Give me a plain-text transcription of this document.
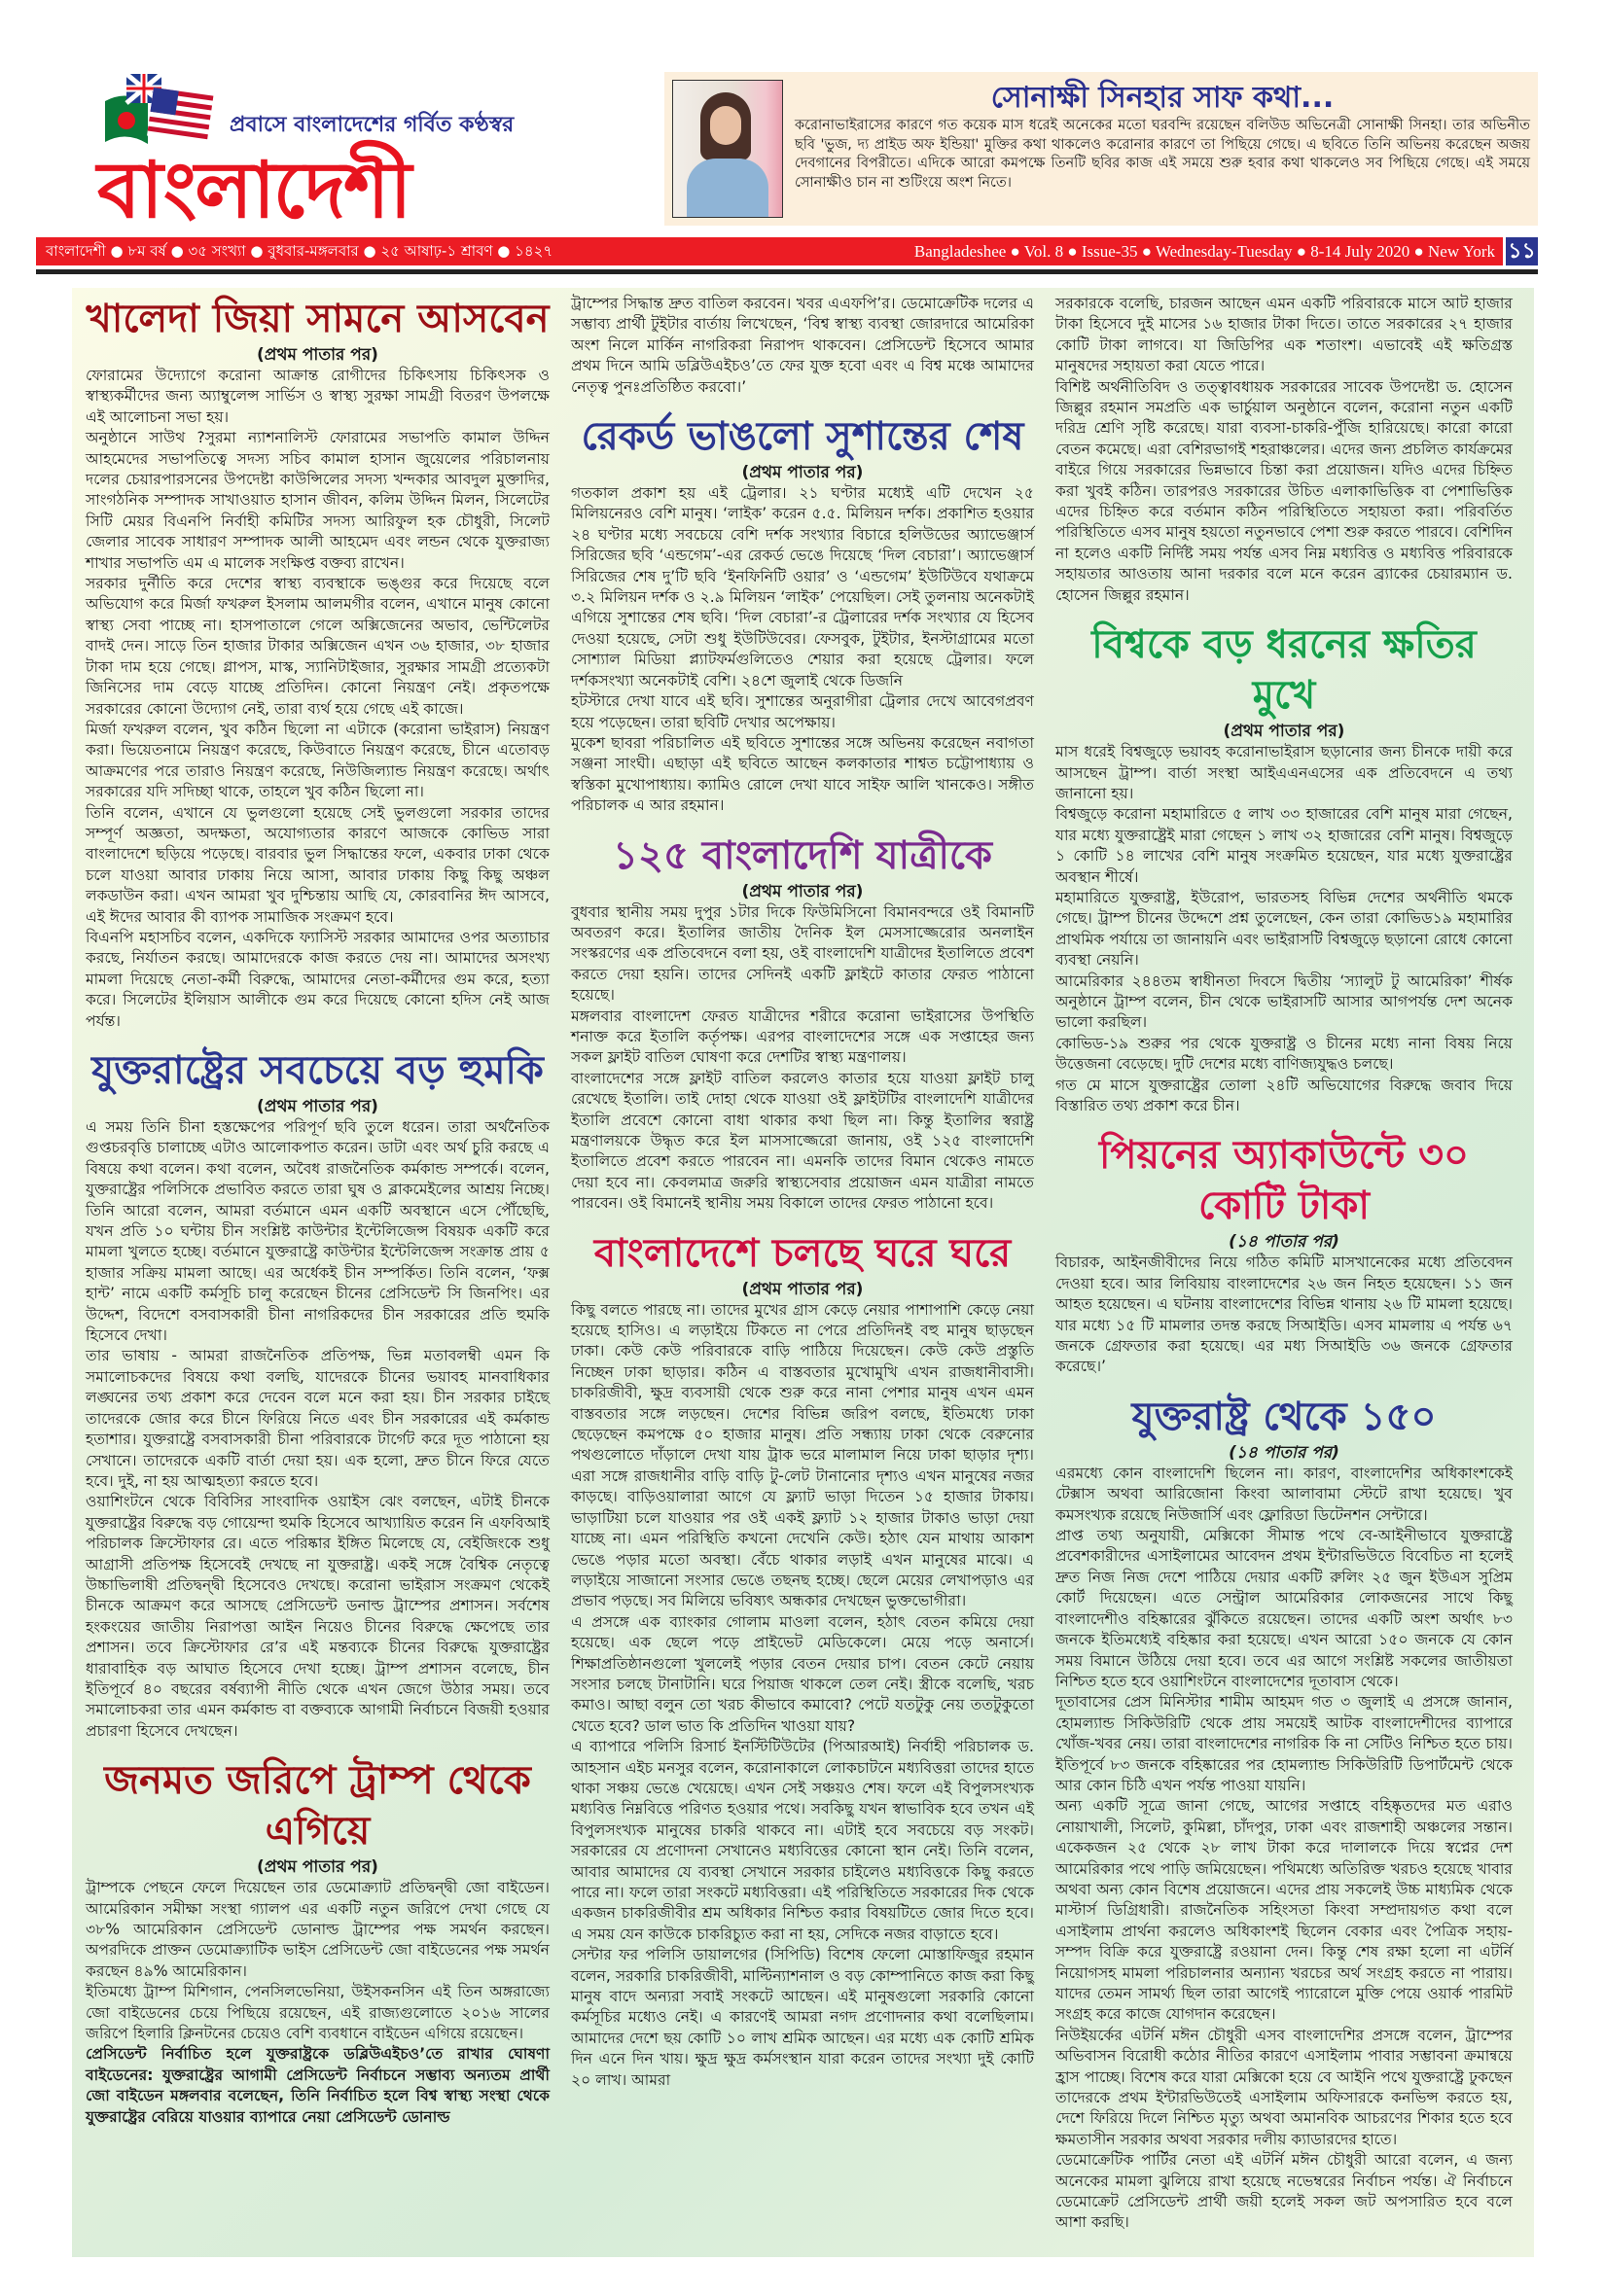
প্রবাসে বাংলাদেশের গর্বিত কণ্ঠস্বর
বাংলাদেশী
সোনাক্ষী সিনহার সাফ কথা...
করোনাভাইরাসের কারণে গত কয়েক মাস ধরেই অনেকের মতো ঘরবন্দি রয়েছেন বলিউড অভিনেত্রী সোনাক্ষী সিনহা। তার অভিনীত ছবি 'ভুজ, দ্য প্রাইড অফ ইন্ডিয়া' মুক্তির কথা থাকলেও করোনার কারণে তা পিছিয়ে গেছে। এ ছবিতে তিনি অভিনয় করেছেন অজয় দেবগানের বিপরীতে। এদিকে আরো কমপক্ষে তিনটি ছবির কাজ এই সময়ে শুরু হবার কথা থাকলেও সব পিছিয়ে গেছে। এই সময়ে সোনাক্ষীও চান না শুটিংয়ে অংশ নিতে।
বাংলাদেশী ● ৮ম বর্ষ ● ৩৫ সংখ্যা ● বুধবার-মঙ্গলবার ● ২৫ আষাঢ়-১ শ্রাবণ ● ১৪২৭	Bangladeshee ● Vol. 8 ● Issue-35 ● Wednesday-Tuesday ● 8-14 July 2020 ● New York ১১
খালেদা জিয়া সামনে আসবেন
(প্রথম পাতার পর)

ফোরামের উদ্যোগে করোনা আক্রান্ত রোগীদের চিকিৎসায় চিকিৎসক ও স্বাস্থ্যকর্মীদের জন্য অ্যাম্বুলেন্স সার্ভিস ও স্বাস্থ্য সুরক্ষা সামগ্রী বিতরণ উপলক্ষে এই আলোচনা সভা হয়।

অনুষ্ঠানে সাউথ ?সুরমা ন্যাশনালিস্ট ফোরামের সভাপতি কামাল উদ্দিন আহমেদের সভাপতিত্বে সদস্য সচিব কামাল হাসান জুয়েলের পরিচালনায় দলের চেয়ারপারসনের উপদেষ্টা কাউন্সিলের সদস্য খন্দকার আবদুল মুক্তাদির, সাংগঠনিক সম্পাদক সাখাওয়াত হাসান জীবন, কলিম উদ্দিন মিলন, সিলেটের সিটি মেয়র বিএনপি নির্বাহী কমিটির সদস্য আরিফুল হক চৌধুরী, সিলেট জেলার সাবেক সাধারণ সম্পাদক আলী আহমেদ এবং লন্ডন থেকে যুক্তরাজ্য শাখার সভাপতি এম এ মালেক সংক্ষিপ্ত বক্তব্য রাখেন।

সরকার দুর্নীতি করে দেশের স্বাস্থ্য ব্যবস্থাকে ভঙ্গুর করে দিয়েছে বলে অভিযোগ করে মির্জা ফখরুল ইসলাম আলমগীর বলেন, এখানে মানুষ কোনো স্বাস্থ্য সেবা পাচ্ছে না। হাসপাতালে গেলে অক্সিজেনের অভাব, ভেন্টিলেটর বাদই দেন। সাড়ে তিন হাজার টাকার অক্সিজেন এখন ৩৬ হাজার, ৩৮ হাজার টাকা দাম হয়ে গেছে। গ্লাপস, মাস্ক, স্যানিটাইজার, সুরক্ষার সামগ্রী প্রত্যেকটা জিনিসের দাম বেড়ে যাচ্ছে প্রতিদিন। কোনো নিয়ন্ত্রণ নেই। প্রকৃতপক্ষে সরকারের কোনো উদ্যোগ নেই, তারা ব্যর্থ হয়ে গেছে এই কাজে।

মির্জা ফখরুল বলেন, খুব কঠিন ছিলো না এটাকে (করোনা ভাইরাস) নিয়ন্ত্রণ করা। ভিয়েতনামে নিয়ন্ত্রণ করেছে, কিউবাতে নিয়ন্ত্রণ করেছে, চীনে এতোবড় আক্রমণের পরে তারাও নিয়ন্ত্রণ করেছে, নিউজিল্যান্ড নিয়ন্ত্রণ করেছে। অর্থাৎ সরকারের যদি সদিচ্ছা থাকে, তাহলে খুব কঠিন ছিলো না।

তিনি বলেন, এখানে যে ভুলগুলো হয়েছে সেই ভুলগুলো সরকার তাদের সম্পূর্ণ অজ্ঞতা, অদক্ষতা, অযোগ্যতার কারণে আজকে কোভিড সারা বাংলাদেশে ছড়িয়ে পড়েছে। বারবার ভুল সিদ্ধান্তের ফলে, একবার ঢাকা থেকে চলে যাওয়া আবার ঢাকায় নিয়ে আসা, আবার ঢাকায় কিছু কিছু অঞ্চল লকডাউন করা। এখন আমরা খুব দুশ্চিন্তায় আছি যে, কোরবানির ঈদ আসবে, এই ঈদের আবার কী ব্যাপক সামাজিক সংক্রমণ হবে।

বিএনপি মহাসচিব বলেন, একদিকে ফ্যাসিস্ট সরকার আমাদের ওপর অত্যাচার করছে, নির্যাতন করছে। আমাদেরকে কাজ করতে দেয় না। আমাদের অসংখ্য মামলা দিয়েছে নেতা-কর্মী বিরুদ্ধে, আমাদের নেতা-কর্মীদের গুম করে, হত্যা করে। সিলেটের ইলিয়াস আলীকে গুম করে দিয়েছে কোনো হদিস নেই আজ পর্যন্ত।

যুক্তরাষ্ট্রের সবচেয়ে বড় হুমকি
(প্রথম পাতার পর)

এ সময় তিনি চীনা হস্তক্ষেপের পরিপূর্ণ ছবি তুলে ধরেন। তারা অর্থনৈতিক গুপ্তচরবৃত্তি চালাচ্ছে এটাও আলোকপাত করেন। ডাটা এবং অর্থ চুরি করছে এ বিষয়ে কথা বলেন। কথা বলেন, অবৈধ রাজনৈতিক কর্মকান্ড সম্পর্কে। বলেন, যুক্তরাষ্ট্রের পলিসিকে প্রভাবিত করতে তারা ঘুষ ও ব্লাকমেইলের আশ্রয় নিচ্ছে। তিনি আরো বলেন, আমরা বর্তমানে এমন একটি অবস্থানে এসে পৌঁছেছি, যখন প্রতি ১০ ঘন্টায় চীন সংশ্লিষ্ট কাউন্টার ইন্টেলিজেন্স বিষয়ক একটি করে মামলা খুলতে হচ্ছে। বর্তমানে যুক্তরাষ্ট্রে কাউন্টার ইন্টেলিজেন্স সংক্রান্ত প্রায় ৫ হাজার সক্রিয় মামলা আছে। এর অর্ধেকই চীন সম্পর্কিত। তিনি বলেন, ‘ফক্স হান্ট’ নামে একটি কর্মসূচি চালু করেছেন চীনের প্রেসিডেন্ট সি জিনপিং। এর উদ্দেশ, বিদেশে বসবাসকারী চীনা নাগরিকদের চীন সরকারের প্রতি হুমকি হিসেবে দেখা।

তার ভাষায় - আমরা রাজনৈতিক প্রতিপক্ষ, ভিন্ন মতাবলম্বী এমন কি সমালোচকদের বিষয়ে কথা বলছি, যাদেরকে চীনের ভয়াবহ মানবাধিকার লঙ্ঘনের তথ্য প্রকাশ করে দেবেন বলে মনে করা হয়। চীন সরকার চাইছে তাদেরকে জোর করে চীনে ফিরিয়ে নিতে এবং চীন সরকারের এই কর্মকান্ড হতাশার। যুক্তরাষ্ট্রে বসবাসকারী চীনা পরিবারকে টার্গেট করে দূত পাঠানো হয় সেখানে। তাদেরকে একটি বার্তা দেয়া হয়। এক হলো, দ্রুত চীনে ফিরে যেতে হবে। দুই, না হয় আত্মহত্যা করতে হবে।

ওয়াশিংটনে থেকে বিবিসির সাংবাদিক ওয়াইস ঝেং বলছেন, এটাই চীনকে যুক্তরাষ্ট্রের বিরুদ্ধে বড় গোয়েন্দা হুমকি হিসেবে আখ্যায়িত করেন নি এফবিআই পরিচালক ক্রিস্টোফার রে। এতে পরিষ্কার ইঙ্গিত মিলেছে যে, বেইজিংকে শুধু আগ্রাসী প্রতিপক্ষ হিসেবেই দেখছে না যুক্তরাষ্ট্র। একই সঙ্গে বৈশ্বিক নেতৃত্বে উচ্চাভিলাষী প্রতিদ্বন্দ্বী হিসেবেও দেখছে। করোনা ভাইরাস সংক্রমণ থেকেই চীনকে আক্রমণ করে আসছে প্রেসিডেন্ট ডনাল্ড ট্রাম্পের প্রশাসন। সর্বশেষ হংকংয়ের জাতীয় নিরাপত্তা আইন নিয়েও চীনের বিরুদ্ধে ক্ষেপেছে তার প্রশাসন। তবে ক্রিস্টোফার রে’র এই মন্তব্যকে চীনের বিরুদ্ধে যুক্তরাষ্ট্রের ধারাবাহিক বড় আঘাত হিসেবে দেখা হচ্ছে। ট্রাম্প প্রশাসন বলেছে, চীন ইতিপূর্বে ৪০ বছরের বর্ষব্যাপী নীতি থেকে এখন জেগে উঠার সময়। তবে সমালোচকরা তার এমন কর্মকান্ড বা বক্তব্যকে আগামী নির্বাচনে বিজয়ী হওয়ার প্রচারণা হিসেবে দেখছেন।

জনমত জরিপে ট্রাম্প থেকে এগিয়ে
(প্রথম পাতার পর)

ট্রাম্পকে পেছনে ফেলে দিয়েছেন তার ডেমোক্র্যাট প্রতিদ্বন্দ্বী জো বাইডেন। আমেরিকান সমীক্ষা সংস্থা গ্যালপ এর একটি নতুন জরিপে দেখা গেছে যে ৩৮% আমেরিকান প্রেসিডেন্ট ডোনাল্ড ট্রাম্পের পক্ষ সমর্থন করছেন। অপরদিকে প্রাক্তন ডেমোক্র্যাটিক ভাইস প্রেসিডেন্ট জো বাইডেনের পক্ষ সমর্থন করছেন ৪৯% আমেরিকান।

ইতিমধ্যে ট্রাম্প মিশিগান, পেনসিলভেনিয়া, উইসকনসিন এই তিন অঙ্গরাজ্যে জো বাইডেনের চেয়ে পিছিয়ে রয়েছেন, এই রাজ্যগুলোতে ২০১৬ সালের জরিপে হিলারি ক্লিনটনের চেয়েও বেশি ব্যবধানে বাইডেন এগিয়ে রয়েছেন।

প্রেসিডেন্ট নির্বাচিত হলে যুক্তরাষ্ট্রকে ডব্লিউএইচও’তে রাখার ঘোষণা বাইডেনের: যুক্তরাষ্ট্রের আগামী প্রেসিডেন্ট নির্বাচনে সম্ভাব্য অন্যতম প্রার্থী জো বাইডেন মঙ্গলবার বলেছেন, তিনি নির্বাচিত হলে বিশ্ব স্বাস্থ্য সংস্থা থেকে যুক্তরাষ্ট্রের বেরিয়ে যাওয়ার ব্যাপারে নেয়া প্রেসিডেন্ট ডোনাল্ড

ট্রাম্পের সিদ্ধান্ত দ্রুত বাতিল করবেন। খবর এএফপি’র। ডেমোক্রেটিক দলের এ সম্ভাব্য প্রার্থী টুইটার বার্তায় লিখেছেন, ‘বিশ্ব স্বাস্থ্য ব্যবস্থা জোরদারে আমেরিকা অংশ নিলে মার্কিন নাগরিকরা নিরাপদ থাকবেন। প্রেসিডেন্ট হিসেবে আমার প্রথম দিনে আমি ডব্লিউএইচও’তে ফের যুক্ত হবো এবং এ বিশ্ব মঞ্চে আমাদের নেতৃত্ব পুনঃপ্রতিষ্ঠিত করবো।’

রেকর্ড ভাঙলো সুশান্তের শেষ
(প্রথম পাতার পর)

গতকাল প্রকাশ হয় এই ট্রেলার। ২১ ঘণ্টার মধ্যেই এটি দেখেন ২৫ মিলিয়নেরও বেশি মানুষ। ‘লাইক’ করেন ৫.৫. মিলিয়ন দর্শক। প্রকাশিত হওয়ার ২৪ ঘণ্টার মধ্যে সবচেয়ে বেশি দর্শক সংখ্যার বিচারে হলিউডের অ্যাভেঞ্জার্স সিরিজের ছবি ‘এন্ডগেম’-এর রেকর্ড ভেঙে দিয়েছে ‘দিল বেচারা’। অ্যাভেঞ্জার্স সিরিজের শেষ দু’টি ছবি ‘ইনফিনিটি ওয়ার’ ও ‘এন্ডগেম’ ইউটিউবে যথাক্রমে ৩.২ মিলিয়ন দর্শক ও ২.৯ মিলিয়ন ‘লাইক’ পেয়েছিল। সেই তুলনায় অনেকটাই এগিয়ে সুশান্তের শেষ ছবি। ‘দিল বেচারা’-র ট্রেলারের দর্শক সংখ্যার যে হিসেব দেওয়া হয়েছে, সেটা শুধু ইউটিউবের। ফেসবুক, টুইটার, ইনস্টাগ্রামের মতো সোশ্যাল মিডিয়া প্ল্যাটফর্মগুলিতেও শেয়ার করা হয়েছে ট্রেলার। ফলে দর্শকসংখ্যা অনেকটাই বেশি। ২৪শে জুলাই থেকে ডিজনি

হটস্টারে দেখা যাবে এই ছবি। সুশান্তের অনুরাগীরা ট্রেলার দেখে আবেগপ্রবণ হয়ে পড়েছেন। তারা ছবিটি দেখার অপেক্ষায়।

মুকেশ ছাবরা পরিচালিত এই ছবিতে সুশান্তের সঙ্গে অভিনয় করেছেন নবাগতা সঞ্জনা সাংঘী। এছাড়া এই ছবিতে আছেন কলকাতার শাশ্বত চট্টোপাধ্যায় ও স্বস্তিকা মুখোপাধ্যায়। ক্যামিও রোলে দেখা যাবে সাইফ আলি খানকেও। সঙ্গীত পরিচালক এ আর রহমান।

১২৫ বাংলাদেশি যাত্রীকে
(প্রথম পাতার পর)

বুধবার স্থানীয় সময় দুপুর ১টার দিকে ফিউমিসিনো বিমানবন্দরে ওই বিমানটি অবতরণ করে। ইতালির জাতীয় দৈনিক ইল মেসসাজ্জেরোর অনলাইন সংস্করণের এক প্রতিবেদনে বলা হয়, ওই বাংলাদেশি যাত্রীদের ইতালিতে প্রবেশ করতে দেয়া হয়নি। তাদের সেদিনই একটি ফ্লাইটে কাতার ফেরত পাঠানো হয়েছে।

মঙ্গলবার বাংলাদেশ ফেরত যাত্রীদের শরীরে করোনা ভাইরাসের উপস্থিতি শনাক্ত করে ইতালি কর্তৃপক্ষ। এরপর বাংলাদেশের সঙ্গে এক সপ্তাহের জন্য সকল ফ্লাইট বাতিল ঘোষণা করে দেশটির স্বাস্থ্য মন্ত্রণালয়।

বাংলাদেশের সঙ্গে ফ্লাইট বাতিল করলেও কাতার হয়ে যাওয়া ফ্লাইট চালু রেখেছে ইতালি। তাই দোহা থেকে যাওয়া ওই ফ্লাইটটির বাংলাদেশি যাত্রীদের ইতালি প্রবেশে কোনো বাধা থাকার কথা ছিল না। কিন্তু ইতালির স্বরাষ্ট্র মন্ত্রণালয়কে উদ্ধৃত করে ইল মাসসাজ্জেরো জানায়, ওই ১২৫ বাংলাদেশি ইতালিতে প্রবেশ করতে পারবেন না। এমনকি তাদের বিমান থেকেও নামতে দেয়া হবে না। কেবলমাত্র জরুরি স্বাস্থ্যসেবার প্রয়োজন এমন যাত্রীরা নামতে পারবেন। ওই বিমানেই স্থানীয় সময় বিকালে তাদের ফেরত পাঠানো হবে।

বাংলাদেশে চলছে ঘরে ঘরে
(প্রথম পাতার পর)

কিছু বলতে পারছে না। তাদের মুখের গ্রাস কেড়ে নেয়ার পাশাপাশি কেড়ে নেয়া হয়েছে হাসিও। এ লড়াইয়ে টিকতে না পেরে প্রতিদিনই বহু মানুষ ছাড়ছেন ঢাকা। কেউ কেউ পরিবারকে বাড়ি পাঠিয়ে দিয়েছেন। কেউ কেউ প্রস্তুতি নিচ্ছেন ঢাকা ছাড়ার। কঠিন এ বাস্তবতার মুখোমুখি এখন রাজধানীবাসী। চাকরিজীবী, ক্ষুদ্র ব্যবসায়ী থেকে শুরু করে নানা পেশার মানুষ এখন এমন বাস্তবতার সঙ্গে লড়ছেন। দেশের বিভিন্ন জরিপ বলছে, ইতিমধ্যে ঢাকা ছেড়েছেন কমপক্ষে ৫০ হাজার মানুষ। প্রতি সন্ধ্যায় ঢাকা থেকে বেরুনোর পথগুলোতে দাঁড়ালে দেখা যায় ট্রাক ভরে মালামাল নিয়ে ঢাকা ছাড়ার দৃশ্য। এরা সঙ্গে রাজধানীর বাড়ি বাড়ি টু-লেট টানানোর দৃশ্যও এখন মানুষের নজর কাড়ছে। বাড়িওয়ালারা আগে যে ফ্ল্যাট ভাড়া দিতেন ১৫ হাজার টাকায়। ভাড়াটিয়া চলে যাওয়ার পর ওই একই ফ্ল্যাট ১২ হাজার টাকাও ভাড়া দেয়া যাচ্ছে না। এমন পরিস্থিতি কখনো দেখেনি কেউ। হঠাৎ যেন মাথায় আকাশ ভেঙে পড়ার মতো অবস্থা। বেঁচে থাকার লড়াই এখন মানুষের মাঝে। এ লড়াইয়ে সাজানো সংসার ভেঙে তছনছ হচ্ছে। ছেলে মেয়ের লেখাপড়াও এর প্রভাব পড়ছে। সব মিলিয়ে ভবিষ্যৎ অন্ধকার দেখছেন ভুক্তভোগীরা।

এ প্রসঙ্গে এক ব্যাংকার গোলাম মাওলা বলেন, হঠাৎ বেতন কমিয়ে দেয়া হয়েছে। এক ছেলে পড়ে প্রাইভেট মেডিকেলে। মেয়ে পড়ে অনার্সে। শিক্ষাপ্রতিষ্ঠানগুলো খুললেই পড়ার বেতন দেয়ার চাপ। বেতন কেটে নেয়ায় সংসার চলছে টানাটানি। ঘরে পিয়াজ থাকলে তেল নেই। স্ত্রীকে বলেছি, খরচ কমাও। আছা বলুন তো খরচ কীভাবে কমাবো? পেটে যতটুকু নেয় ততটুকুতো খেতে হবে? ডাল ভাত কি প্রতিদিন খাওয়া যায়?

এ ব্যাপারে পলিসি রিসার্চ ইনস্টিটিউটের (পিআরআই) নির্বাহী পরিচালক ড. আহসান এইচ মনসুর বলেন, করোনাকালে লোকচাটনে মধ্যবিত্তরা তাদের হাতে থাকা সঞ্চয় ভেঙে খেয়েছে। এখন সেই সঞ্চয়ও শেষ। ফলে এই বিপুলসংখ্যক মধ্যবিত্ত নিম্নবিত্তে পরিণত হওয়ার পথে। সবকিছু যখন স্বাভাবিক হবে তখন এই বিপুলসংখ্যক মানুষের চাকরি থাকবে না। এটাই হবে সবচেয়ে বড় সংকট। সরকারের যে প্রণোদনা সেখানেও মধ্যবিত্তের কোনো স্থান নেই। তিনি বলেন, আবার আমাদের যে ব্যবস্থা সেখানে সরকার চাইলেও মধ্যবিত্তকে কিছু করতে পারে না। ফলে তারা সংকটে মধ্যবিত্তরা। এই পরিস্থিতিতে সরকারের দিক থেকে একজন চাকরিজীবীর শ্রম অধিকার নিশ্চিত করার বিষয়টিতে জোর দিতে হবে। এ সময় যেন কাউকে চাকরিচ্যুত করা না হয়, সেদিকে নজর বাড়াতে হবে।

সেন্টার ফর পলিসি ডায়ালগের (সিপিডি) বিশেষ ফেলো মোস্তাফিজুর রহমান বলেন, সরকারি চাকরিজীবী, মাল্টিন্যাশনাল ও বড় কোম্পানিতে কাজ করা কিছু মানুষ বাদে অন্যরা সবাই সংকটে আছেন। এই মানুষগুলো সরকারি কোনো কর্মসূচির মধ্যেও নেই। এ কারণেই আমরা নগদ প্রণোদনার কথা বলেছিলাম। আমাদের দেশে ছয় কোটি ১০ লাখ শ্রমিক আছেন। এর মধ্যে এক কোটি শ্রমিক দিন এনে দিন খায়। ক্ষুদ্র ক্ষুদ্র কর্মসংস্থান যারা করেন তাদের সংখ্যা দুই কোটি ২০ লাখ। আমরা

সরকারকে বলেছি, চারজন আছেন এমন একটি পরিবারকে মাসে আট হাজার টাকা হিসেবে দুই মাসের ১৬ হাজার টাকা দিতে। তাতে সরকারের ২৭ হাজার কোটি টাকা লাগবে। যা জিডিপির এক শতাংশ। এভাবেই এই ক্ষতিগ্রস্ত মানুষদের সহায়তা করা যেতে পারে।

বিশিষ্ট অর্থনীতিবিদ ও তত্ত্বাবধায়ক সরকারের সাবেক উপদেষ্টা ড. হোসেন জিল্লুর রহমান সমপ্রতি এক ভার্চুয়াল অনুষ্ঠানে বলেন, করোনা নতুন একটি দরিদ্র শ্রেণি সৃষ্টি করেছে। যারা ব্যবসা-চাকরি-পুঁজি হারিয়েছে। কারো কারো বেতন কমেছে। এরা বেশিরভাগই শহরাঞ্চলের। এদের জন্য প্রচলিত কার্যক্রমের বাইরে গিয়ে সরকারের ভিন্নভাবে চিন্তা করা প্রয়োজন। যদিও এদের চিহ্নিত করা খুবই কঠিন। তারপরও সরকারের উচিত এলাকাভিত্তিক বা পেশাভিত্তিক এদের চিহ্নিত করে বর্তমান কঠিন পরিস্থিতিতে সহায়তা করা। পরিবর্তিত পরিস্থিতিতে এসব মানুষ হয়তো নতুনভাবে পেশা শুরু করতে পারবে। বেশিদিন না হলেও একটি নির্দিষ্ট সময় পর্যন্ত এসব নিম্ন মধ্যবিত্ত ও মধ্যবিত্ত পরিবারকে সহায়তার আওতায় আনা দরকার বলে মনে করেন ব্র্যাকের চেয়ারম্যান ড. হোসেন জিল্লুর রহমান।

বিশ্বকে বড় ধরনের ক্ষতির মুখে
(প্রথম পাতার পর)

মাস ধরেই বিশ্বজুড়ে ভয়াবহ করোনাভাইরাস ছড়ানোর জন্য চীনকে দায়ী করে আসছেন ট্রাম্প। বার্তা সংস্থা আইএএনএসের এক প্রতিবেদনে এ তথ্য জানানো হয়।

বিশ্বজুড়ে করোনা মহামারিতে ৫ লাখ ৩৩ হাজারের বেশি মানুষ মারা গেছেন, যার মধ্যে যুক্তরাষ্ট্রেই মারা গেছেন ১ লাখ ৩২ হাজারের বেশি মানুষ। বিশ্বজুড়ে ১ কোটি ১৪ লাখের বেশি মানুষ সংক্রমিত হয়েছেন, যার মধ্যে যুক্তরাষ্ট্রের অবস্থান শীর্ষে।

মহামারিতে যুক্তরাষ্ট্র, ইউরোপ, ভারতসহ বিভিন্ন দেশের অর্থনীতি থমকে গেছে। ট্রাম্প চীনের উদ্দেশে প্রশ্ন তুলেছেন, কেন তারা কোভিড১৯ মহামারির প্রাথমিক পর্যায়ে তা জানায়নি এবং ভাইরাসটি বিশ্বজুড়ে ছড়ানো রোধে কোনো ব্যবস্থা নেয়নি।

আমেরিকার ২৪৪তম স্বাধীনতা দিবসে দ্বিতীয় ‘স্যালুট টু আমেরিকা’ শীর্ষক অনুষ্ঠানে ট্রাম্প বলেন, চীন থেকে ভাইরাসটি আসার আগপর্যন্ত দেশ অনেক ভালো করছিল।

কোভিড-১৯ শুরুর পর থেকে যুক্তরাষ্ট্র ও চীনের মধ্যে নানা বিষয় নিয়ে উত্তেজনা বেড়েছে। দুটি দেশের মধ্যে বাণিজ্যযুদ্ধও চলছে।

গত মে মাসে যুক্তরাষ্ট্রের তোলা ২৪টি অভিযোগের বিরুদ্ধে জবাব দিয়ে বিস্তারিত তথ্য প্রকাশ করে চীন।

পিয়নের অ্যাকাউন্টে ৩০ কোটি টাকা
(১৪ পাতার পর)

বিচারক, আইনজীবীদের নিয়ে গঠিত কমিটি মাসখানেকের মধ্যে প্রতিবেদন দেওয়া হবে। আর লিবিয়ায় বাংলাদেশের ২৬ জন নিহত হয়েছেন। ১১ জন আহত হয়েছেন। এ ঘটনায় বাংলাদেশের বিভিন্ন থানায় ২৬ টি মামলা হয়েছে। যার মধ্যে ১৫ টি মামলার তদন্ত করছে সিআইডি। এসব মামলায় এ পর্যন্ত ৬৭ জনকে গ্রেফতার করা হয়েছে। এর মধ্য সিআইডি ৩৬ জনকে গ্রেফতার করেছে।’

যুক্তরাষ্ট্র থেকে ১৫০
(১৪ পাতার পর)

এরমধ্যে কোন বাংলাদেশি ছিলেন না। কারণ, বাংলাদেশির অধিকাংশকেই টেক্সাস অথবা আরিজোনা কিংবা আলাবামা স্টেটে রাখা হয়েছে। খুব কমসংখ্যক রয়েছে নিউজার্সি এবং ফ্লোরিডা ডিটেনশন সেন্টারে।

প্রাপ্ত তথ্য অনুযায়ী, মেক্সিকো সীমান্ত পথে বে-আইনীভাবে যুক্তরাষ্ট্রে প্রবেশকারীদের এসাইলামের আবেদন প্রথম ইন্টারভিউতে বিবেচিত না হলেই দ্রুত নিজ নিজ দেশে পাঠিয়ে দেয়ার একটি রুলিং ২৫ জুন ইউএস সুপ্রিম কোর্ট দিয়েছেন। এতে সেন্ট্রাল আমেরিকার লোকজনের সাথে কিছু বাংলাদেশীও বহিষ্কারের ঝুঁকিতে রয়েছেন। তাদের একটি অংশ অর্থাৎ ৮৩ জনকে ইতিমধ্যেই বহিষ্কার করা হয়েছে। এখন আরো ১৫০ জনকে যে কোন সময় বিমানে উঠিয়ে দেয়া হবে। তবে এর আগে সংশ্লিষ্ট সকলের জাতীয়তা নিশ্চিত হতে হবে ওয়াশিংটনে বাংলাদেশের দূতাবাস থেকে।

দূতাবাসের প্রেস মিনিস্টার শামীম আহমদ গত ৩ জুলাই এ প্রসঙ্গে জানান, হোমল্যান্ড সিকিউরিটি থেকে প্রায় সময়েই আটক বাংলাদেশীদের ব্যাপারে খোঁজ-খবর নেয়। তারা বাংলাদেশের নাগরিক কি না সেটিও নিশ্চিত হতে চায়। ইতিপূর্বে ৮৩ জনকে বহিষ্কারের পর হোমল্যান্ড সিকিউরিটি ডিপার্টমেন্ট থেকে আর কোন চিঠি এখন পর্যন্ত পাওয়া যায়নি।

অন্য একটি সূত্রে জানা গেছে, আগের সপ্তাহে বহিষ্কৃতদের মত এরাও নোয়াখালী, সিলেট, কুমিল্লা, চাঁদপুর, ঢাকা এবং রাজশাহী অঞ্চলের সন্তান। একেকজন ২৫ থেকে ২৮ লাখ টাকা করে দালালকে দিয়ে স্বপ্নের দেশ আমেরিকার পথে পাড়ি জমিয়েছেন। পথিমধ্যে অতিরিক্ত খরচও হয়েছে খাবার অথবা অন্য কোন বিশেষ প্রয়োজনে। এদের প্রায় সকলেই উচ্চ মাধ্যমিক থেকে মাস্টার্স ডিগ্রিধারী। রাজনৈতিক সহিংসতা কিংবা সম্প্রদায়গত কথা বলে এসাইলাম প্রার্থনা করলেও অধিকাংশই ছিলেন বেকার এবং পৈত্রিক সহায়-সম্পদ বিক্রি করে যুক্তরাষ্ট্রে রওয়ানা দেন। কিন্তু শেষ রক্ষা হলো না এটর্নি নিয়োগসহ মামলা পরিচালনার অন্যান্য খরচের অর্থ সংগ্রহ করতে না পারায়। যাদের তেমন সামর্থ্য ছিল তারা আগেই প্যারোলে মুক্তি পেয়ে ওয়ার্ক পারমিট সংগ্রহ করে কাজে যোগদান করেছেন।

নিউইয়র্কের এটর্নি মঈন চৌধুরী এসব বাংলাদেশির প্রসঙ্গে বলেন, ট্রাম্পের অভিবাসন বিরোধী কঠোর নীতির কারণে এসাইলাম পাবার সম্ভাবনা ক্রমান্বয়ে হ্রাস পাচ্ছে। বিশেষ করে যারা মেক্সিকো হয়ে বে আইনি পথে যুক্তরাষ্ট্রে ঢুকছেন তাদেরকে প্রথম ইন্টারভিউতেই এসাইলাম অফিসারকে কনভিন্স করতে হয়, দেশে ফিরিয়ে দিলে নিশ্চিত মৃত্যু অথবা অমানবিক আচরণের শিকার হতে হবে ক্ষমতাসীন সরকার অথবা সরকার দলীয় ক্যাডারদের হাতে।

ডেমোক্রেটিক পার্টির নেতা এই এটর্নি মঈন চৌধুরী আরো বলেন, এ জন্য অনেকের মামলা ঝুলিয়ে রাখা হয়েছে নভেম্বরের নির্বাচন পর্যন্ত। ঐ নির্বাচনে ডেমোক্রেট প্রেসিডেন্ট প্রার্থী জয়ী হলেই সকল জট অপসারিত হবে বলে আশা করছি।
